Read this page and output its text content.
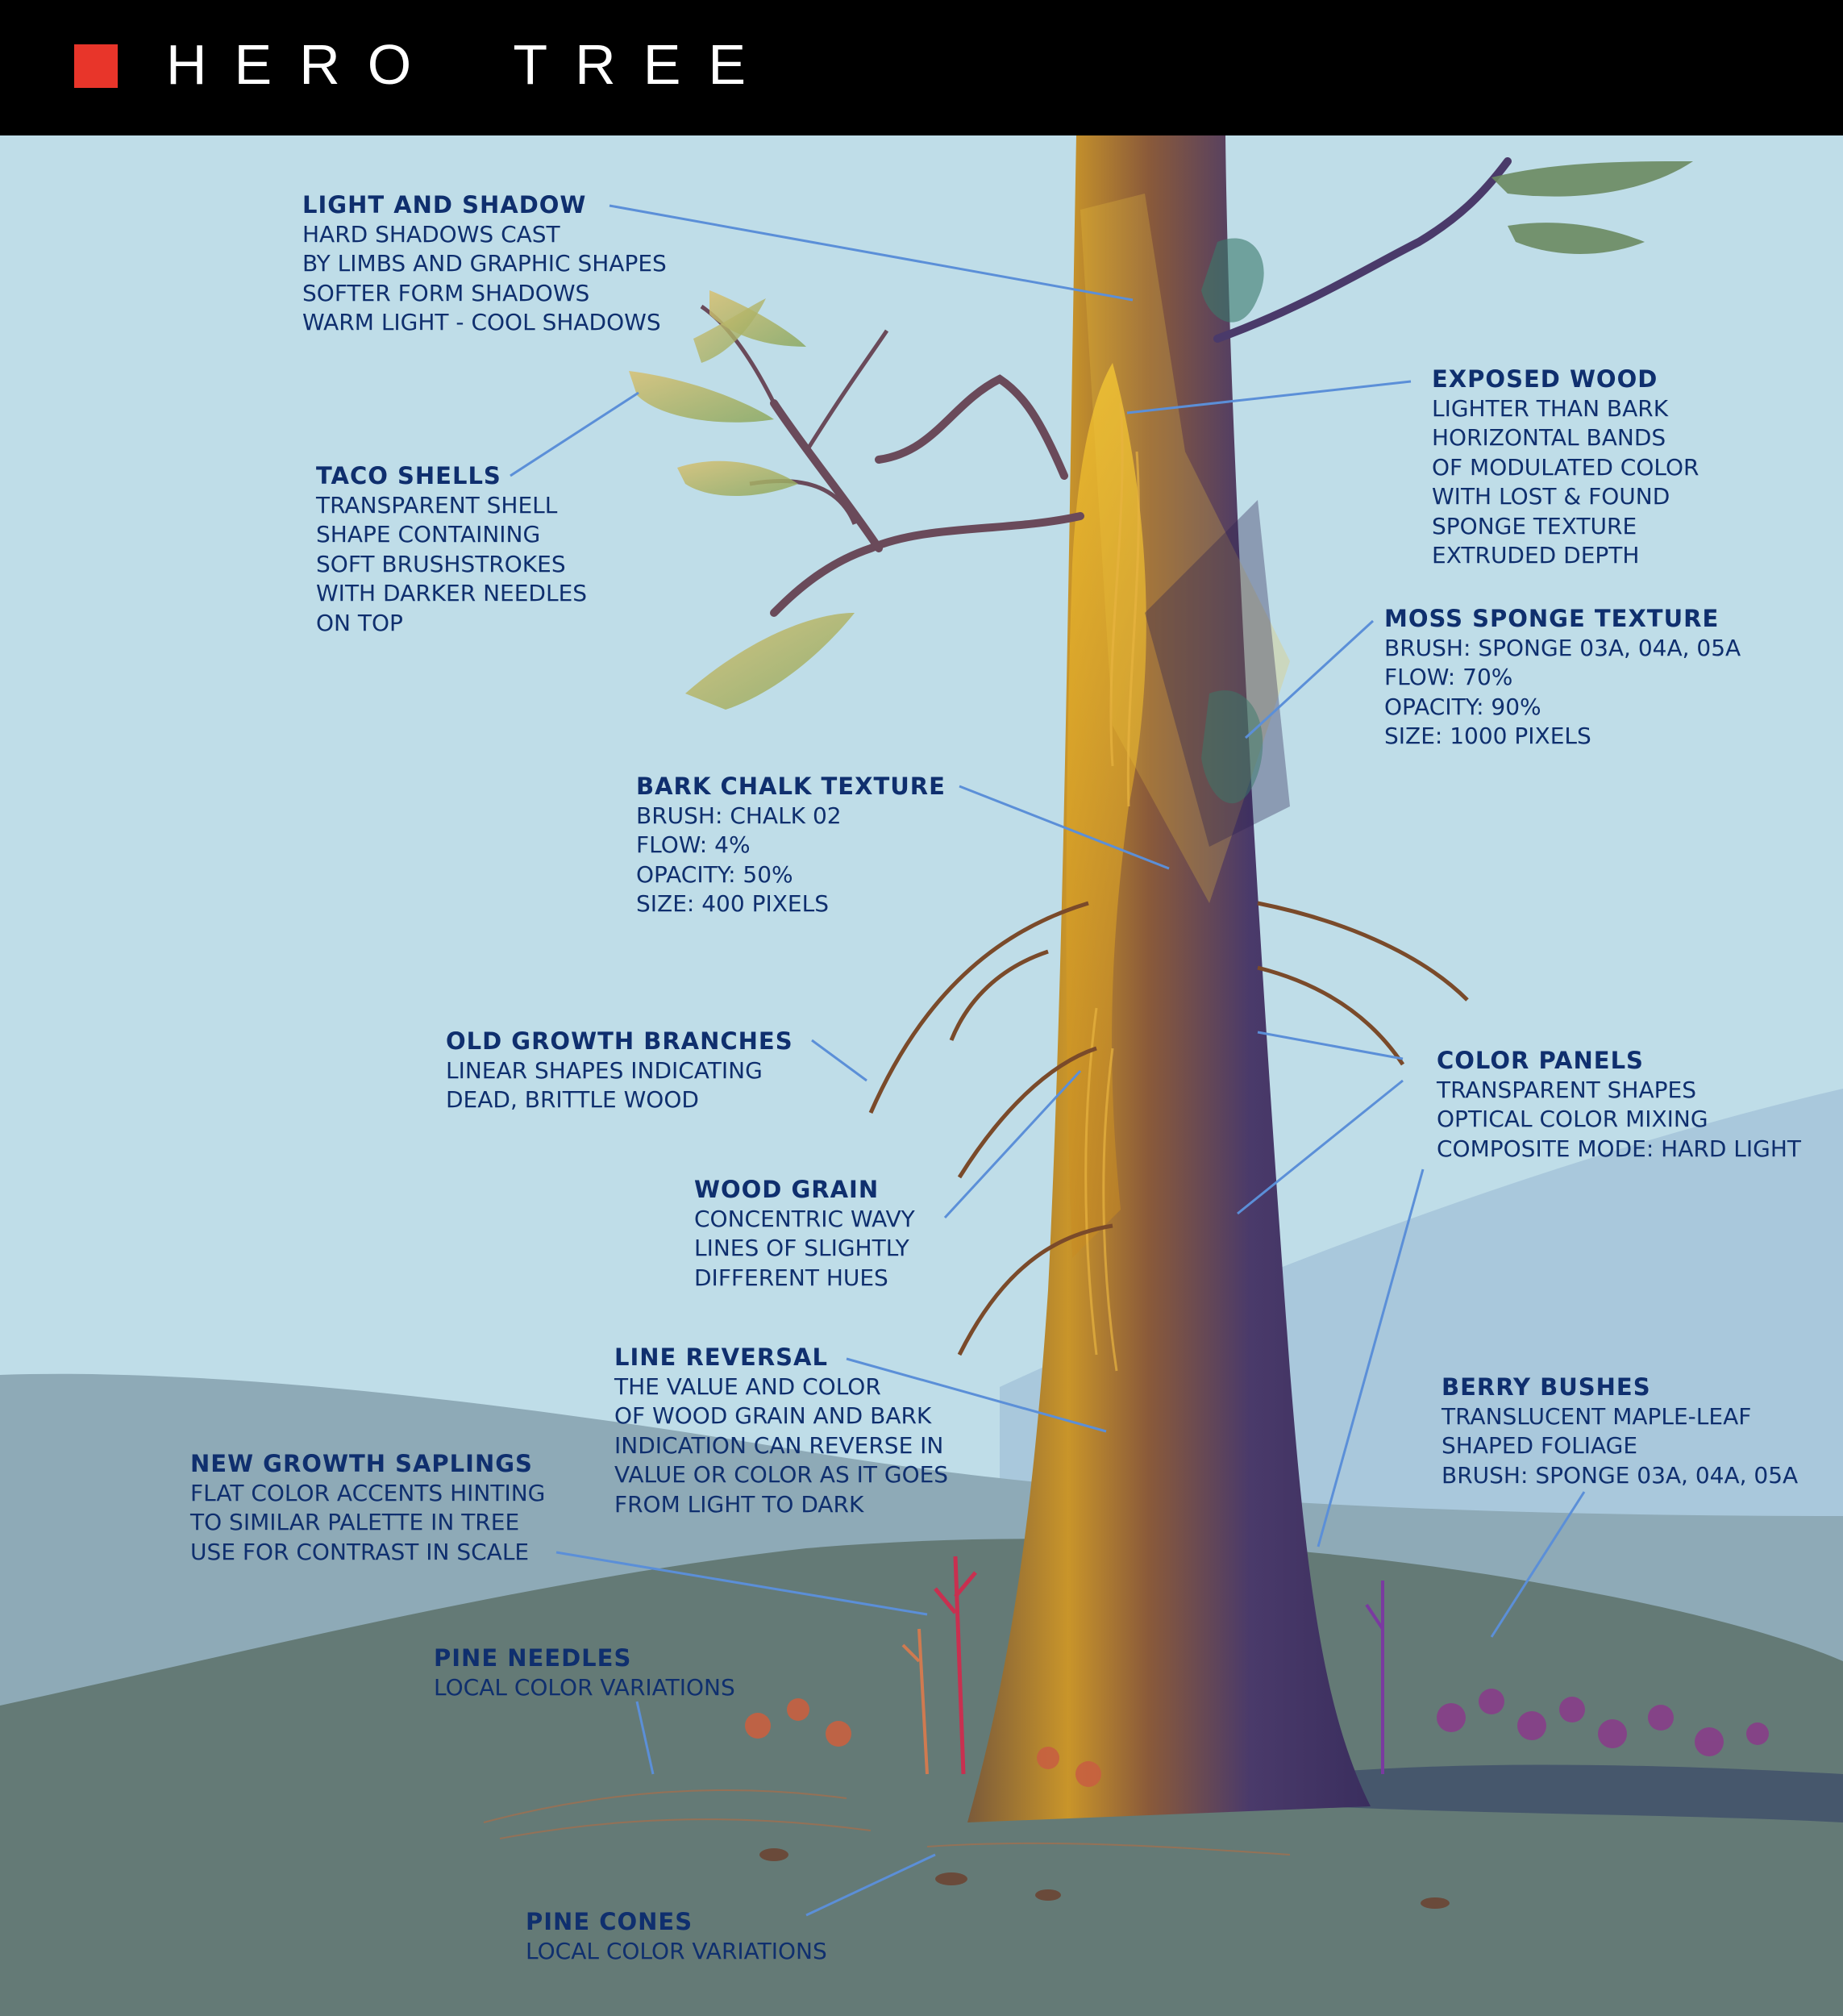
HERO TREE
LIGHT AND SHADOW
HARD SHADOWS CAST
BY LIMBS AND GRAPHIC SHAPES
SOFTER FORM SHADOWS
WARM LIGHT - COOL SHADOWS
TACO SHELLS
TRANSPARENT SHELL
SHAPE CONTAINING
SOFT BRUSHSTROKES
WITH DARKER NEEDLES
ON TOP
EXPOSED WOOD
LIGHTER THAN BARK
HORIZONTAL BANDS
OF MODULATED COLOR
WITH LOST & FOUND
SPONGE TEXTURE
EXTRUDED DEPTH
MOSS SPONGE TEXTURE
BRUSH: SPONGE 03A, 04A, 05A
FLOW: 70%
OPACITY: 90%
SIZE: 1000 PIXELS
BARK CHALK TEXTURE
BRUSH: CHALK 02
FLOW: 4%
OPACITY: 50%
SIZE: 400 PIXELS
OLD GROWTH BRANCHES
LINEAR SHAPES INDICATING
DEAD, BRITTLE WOOD
COLOR PANELS
TRANSPARENT SHAPES
OPTICAL COLOR MIXING
COMPOSITE MODE: HARD LIGHT
WOOD GRAIN
CONCENTRIC WAVY
LINES OF SLIGHTLY
DIFFERENT HUES
LINE REVERSAL
THE VALUE AND COLOR
OF WOOD GRAIN AND BARK
INDICATION CAN REVERSE IN
VALUE OR COLOR AS IT GOES
FROM LIGHT TO DARK
BERRY BUSHES
TRANSLUCENT MAPLE-LEAF
SHAPED FOLIAGE
BRUSH: SPONGE 03A, 04A, 05A
NEW GROWTH SAPLINGS
FLAT COLOR ACCENTS HINTING
TO SIMILAR PALETTE IN TREE
USE FOR CONTRAST IN SCALE
PINE NEEDLES
LOCAL COLOR VARIATIONS
PINE CONES
LOCAL COLOR VARIATIONS
